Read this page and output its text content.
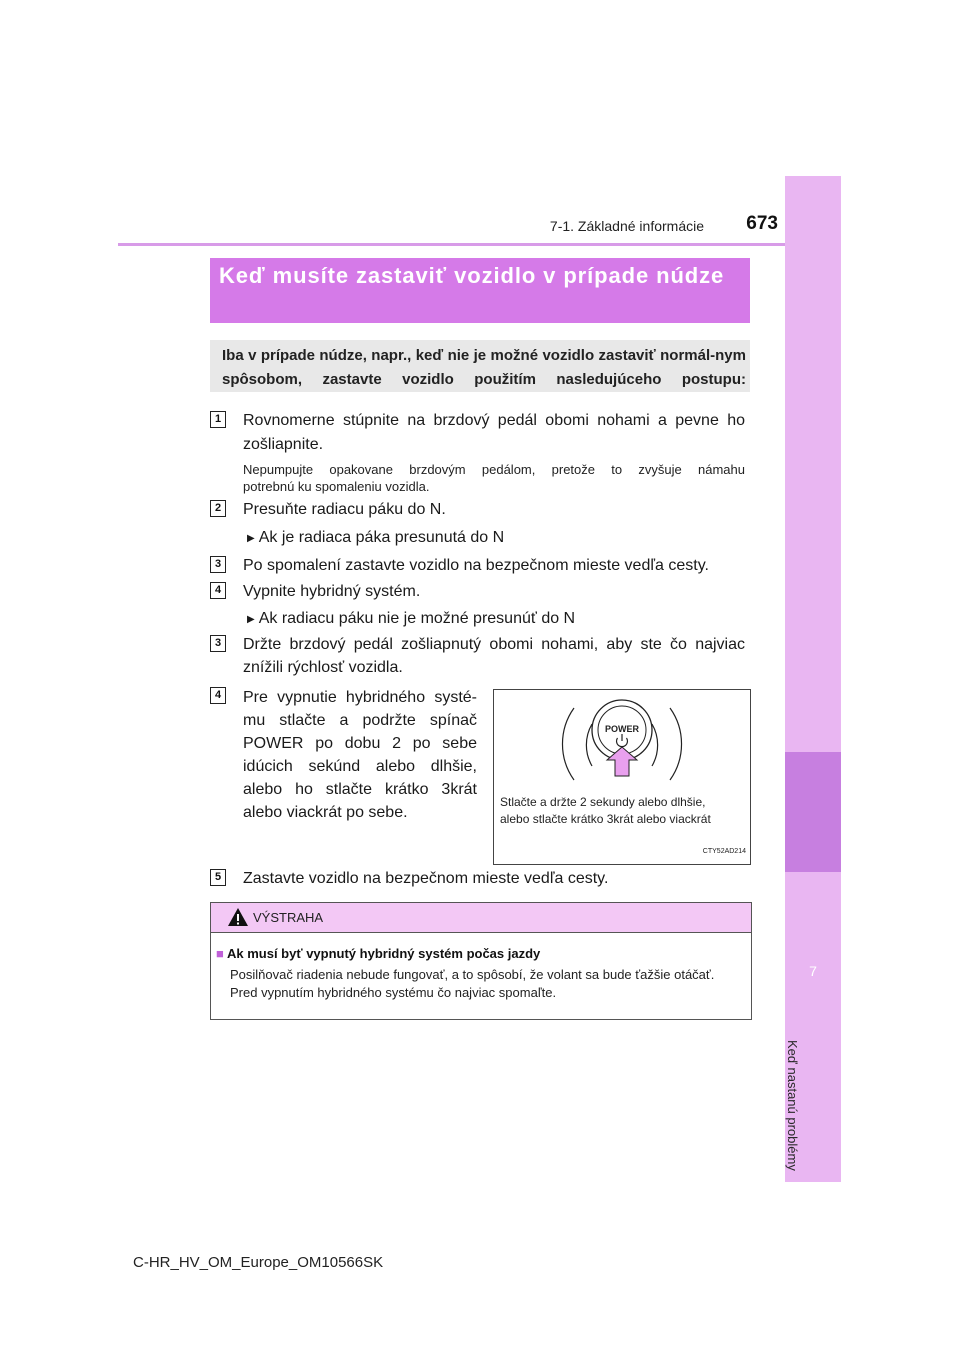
7
Keď nastanú problémy
7-1. Základné informácie	673
Keď musíte zastaviť vozidlo v prípade núdze
Iba v prípade núdze, napr., keď nie je možné vozidlo zastaviť normál-nym spôsobom, zastavte vozidlo použitím nasledujúceho postupu:
1	Rovnomerne stúpnite na brzdový pedál obomi nohami a pevne ho
zošliapnite.
Nepumpujte opakovane brzdovým pedálom, pretože to zvyšuje námahu
potrebnú ku spomaleniu vozidla.
2	Presuňte radiacu páku do N.
▶ Ak je radiaca páka presunutá do N
3	Po spomalení zastavte vozidlo na bezpečnom mieste vedľa cesty.
4	Vypnite hybridný systém.
▶ Ak radiacu páku nie je možné presunúť do N
3	Držte brzdový pedál zošliapnutý obomi nohami, aby ste čo najviac
znížili rýchlosť vozidla.
4	Pre vypnutie hybridného systé-
mu stlačte a podržte spínač
POWER po dobu 2 po sebe
idúcich sekúnd alebo dlhšie,
alebo ho stlačte krátko 3krát
alebo viackrát po sebe.
POWER
Stlačte a držte 2 sekundy alebo dlhšie,
alebo stlačte krátko 3krát alebo viackrát
CTY52AD214
5	Zastavte vozidlo na bezpečnom mieste vedľa cesty.
VÝSTRAHA
■ Ak musí byť vypnutý hybridný systém počas jazdy
Posilňovač riadenia nebude fungovať, a to spôsobí, že volant sa bude ťažšie otáčať. Pred vypnutím hybridného systému čo najviac spomaľte.
C-HR_HV_OM_Europe_OM10566SK
